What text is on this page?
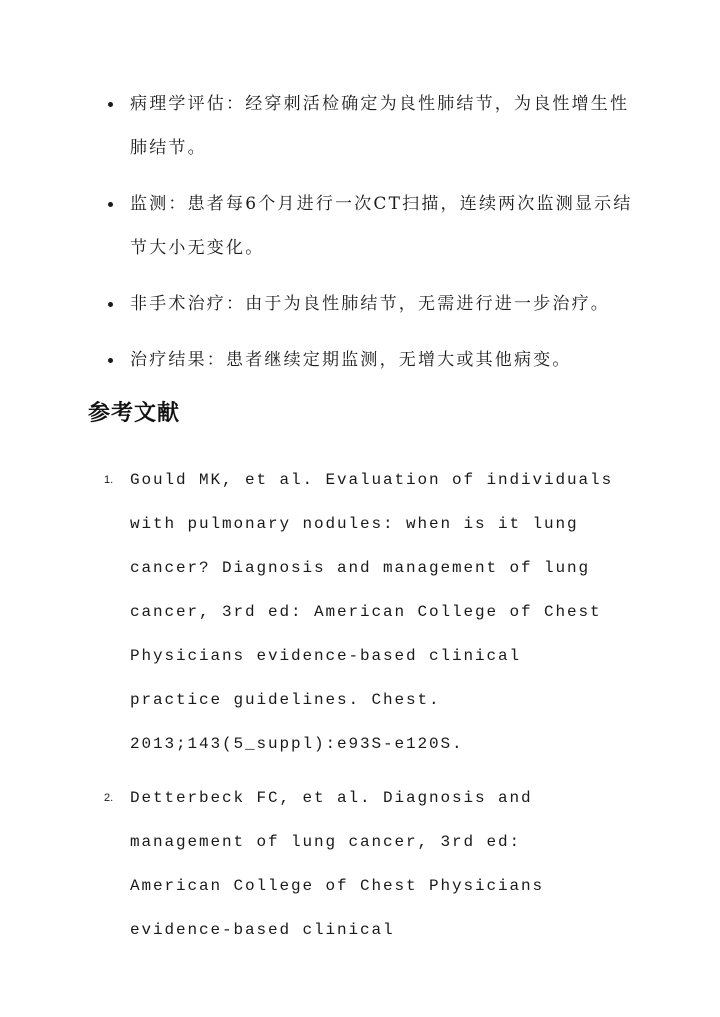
病理学评估：经穿刺活检确定为良性肺结节，为良性增生性肺结节。
监测：患者每6个月进行一次CT扫描，连续两次监测显示结节大小无变化。
非手术治疗：由于为良性肺结节，无需进行进一步治疗。
治疗结果：患者继续定期监测，无增大或其他病变。
参考文献
1. Gould MK, et al. Evaluation of individuals with pulmonary nodules: when is it lung cancer? Diagnosis and management of lung cancer, 3rd ed: American College of Chest Physicians evidence-based clinical practice guidelines. Chest. 2013;143(5_suppl):e93S-e120S.
2. Detterbeck FC, et al. Diagnosis and management of lung cancer, 3rd ed: American College of Chest Physicians evidence-based clinical
